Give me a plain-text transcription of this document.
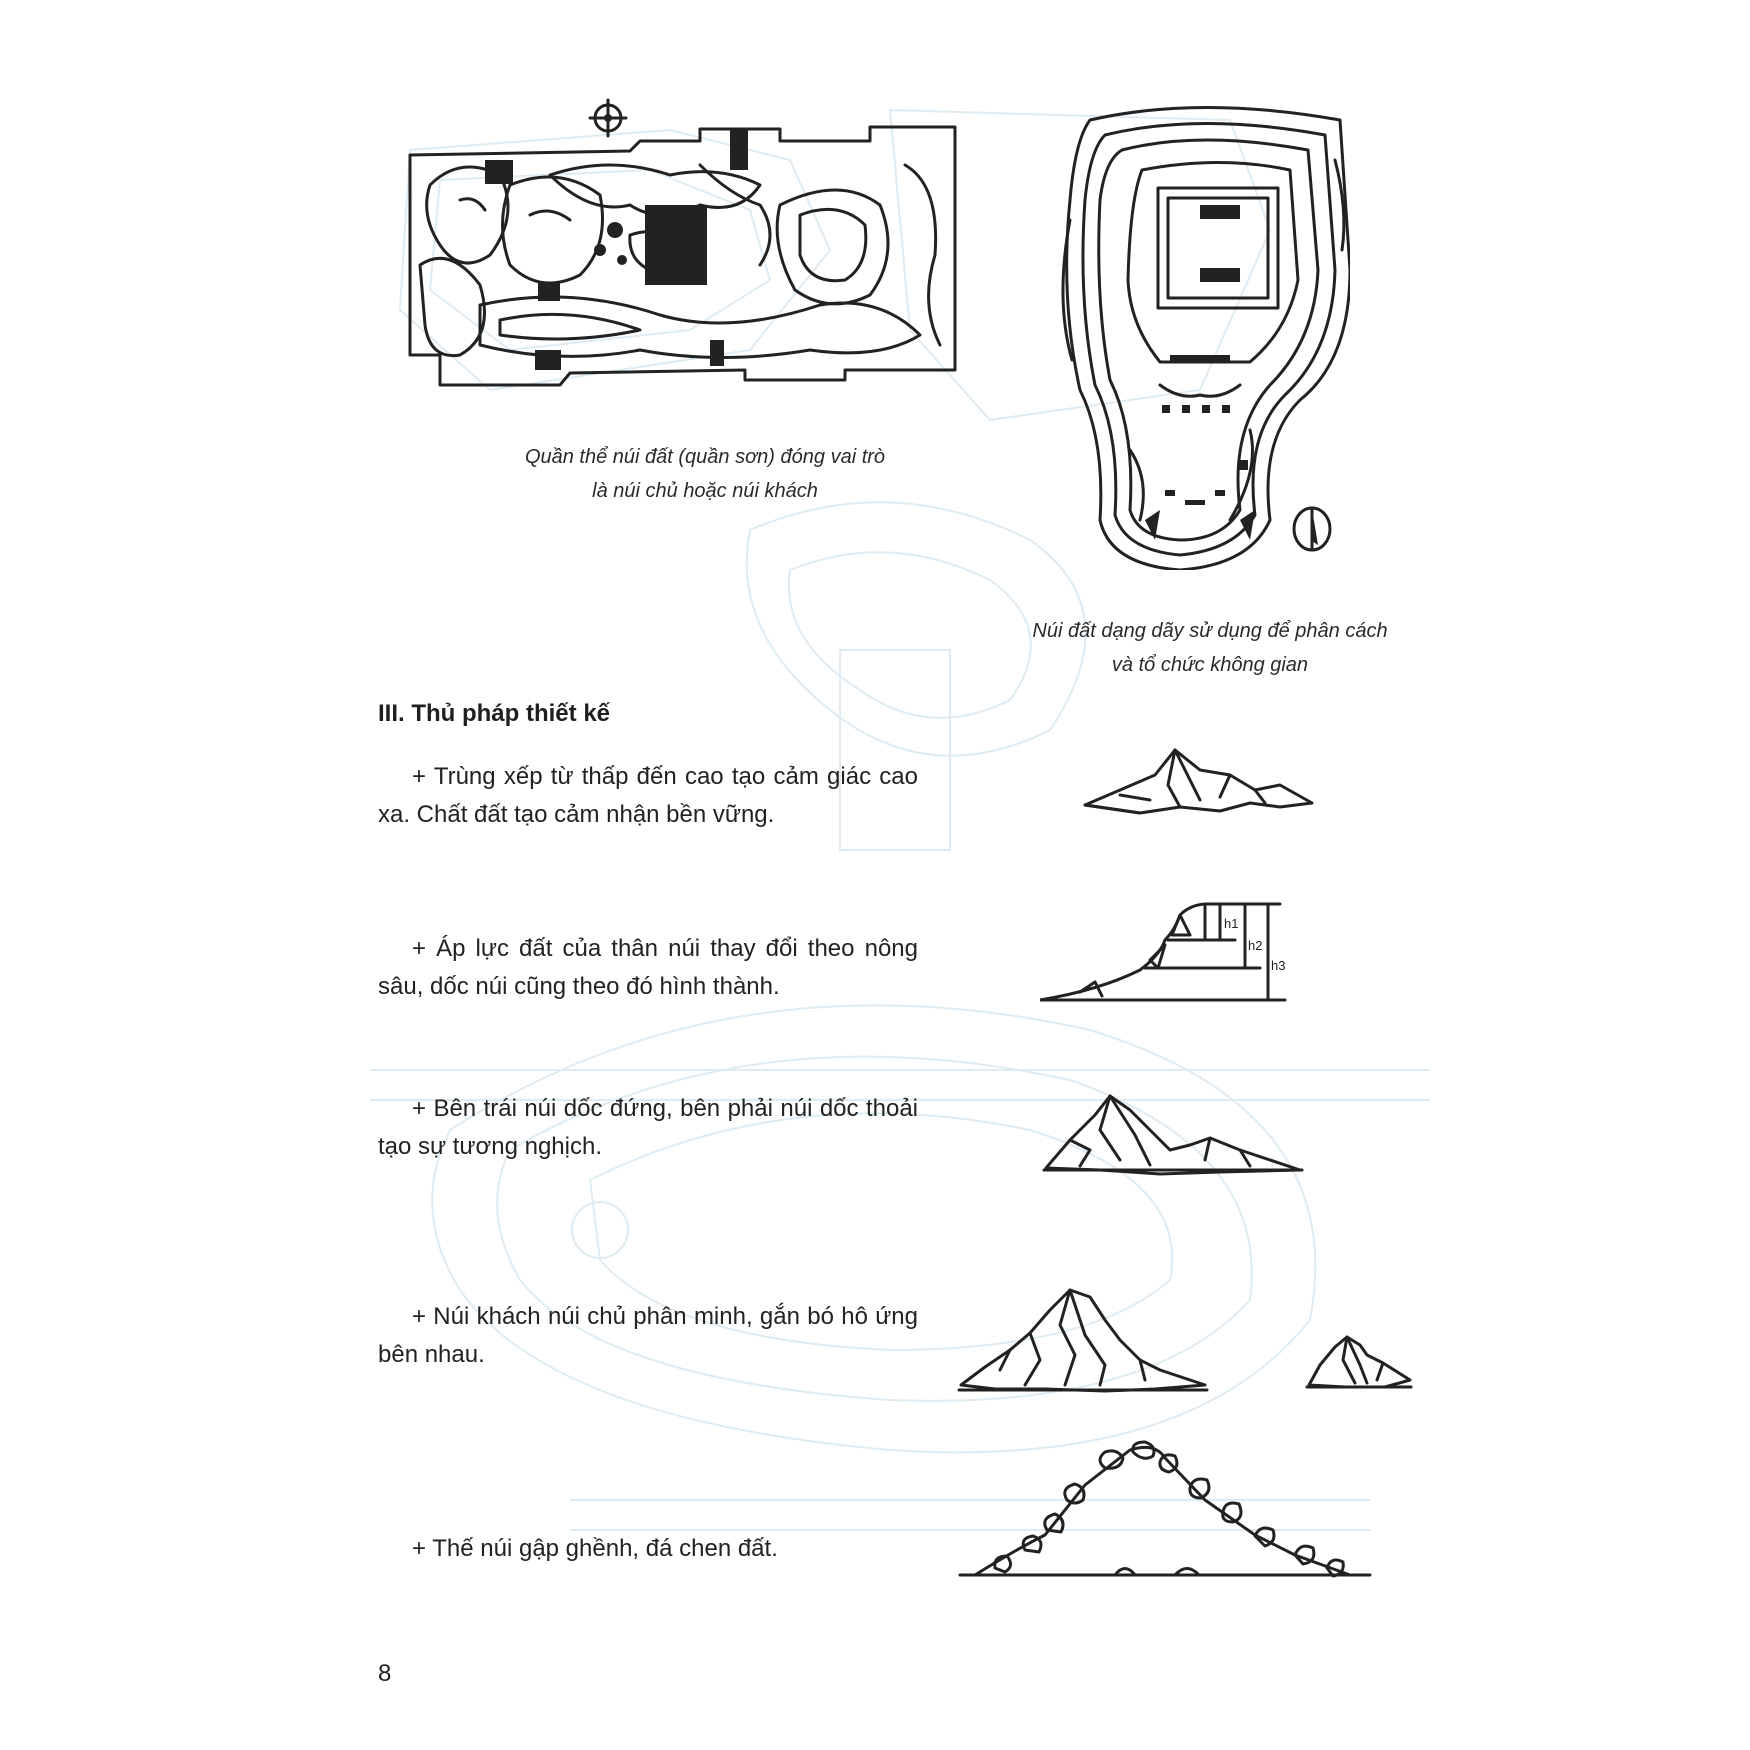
Quần thể núi đất (quần sơn) đóng vai trò
là núi chủ hoặc núi khách
Núi đất dạng dãy sử dụng để phân cách
và tổ chức không gian
III. Thủ pháp thiết kế
+ Trùng xếp từ thấp đến cao tạo cảm giác cao xa. Chất đất tạo cảm nhận bền vững.
+ Áp lực đất của thân núi thay đổi theo nông sâu, dốc núi cũng theo đó hình thành.
+ Bên trái núi dốc đứng, bên phải núi dốc thoải tạo sự tương nghịch.
+ Núi khách núi chủ phân minh, gắn bó hô ứng bên nhau.
+ Thế núi gập ghềnh, đá chen đất.
h1
h2
h3
8
